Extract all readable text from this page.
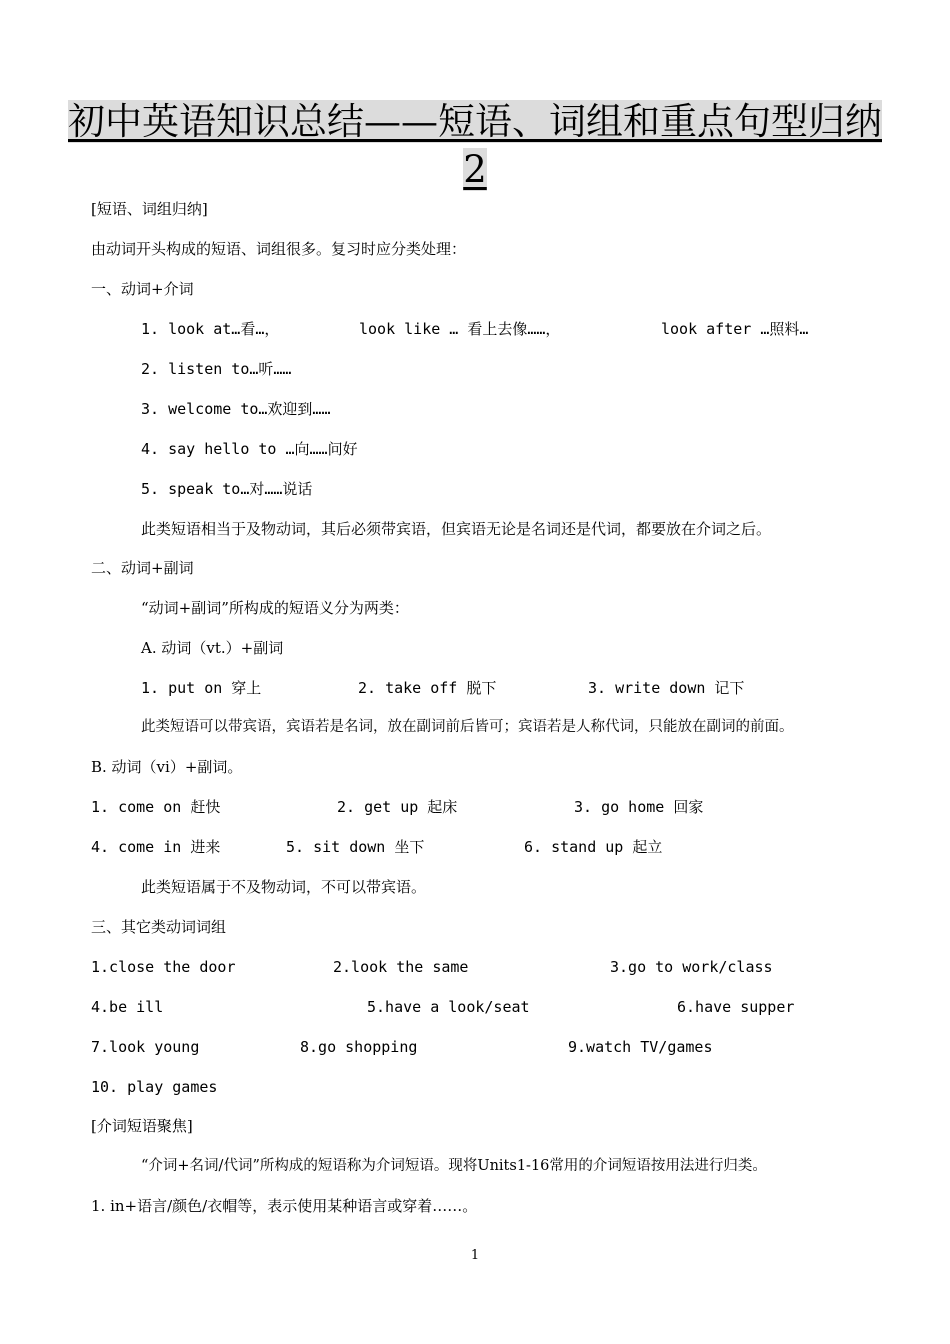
初中英语知识总结——短语、词组和重点句型归纳
2
[短语、词组归纳]
由动词开头构成的短语、词组很多。复习时应分类处理：
一、动词+介词
1. look at…看…，	look like … 看上去像……，	look after …照料…
2. listen to…听……
3. welcome to…欢迎到……
4. say hello to …向……问好
5. speak to…对……说话
此类短语相当于及物动词，其后必须带宾语，但宾语无论是名词还是代词，都要放在介词之后。
二、动词+副词
“动词+副词”所构成的短语义分为两类：
A. 动词（vt.）+副词
1. put on 穿上	2. take off 脱下	3. write down 记下
此类短语可以带宾语，宾语若是名词，放在副词前后皆可；宾语若是人称代词，只能放在副词的前面。
B. 动词（vi）+副词。
1. come on 赶快	2. get up 起床	3. go home 回家
4. come in 进来	5. sit down 坐下	6. stand up 起立
此类短语属于不及物动词，不可以带宾语。
三、其它类动词词组
1.close the door	2.look the same	3.go to work/class
4.be ill	5.have a look/seat	6.have supper
7.look young	8.go shopping	9.watch TV/games
10. play games
[介词短语聚焦]
“介词+名词/代词”所构成的短语称为介词短语。现将Units1-16常用的介词短语按用法进行归类。
1. in+语言/颜色/衣帽等，表示使用某种语言或穿着……。
1
